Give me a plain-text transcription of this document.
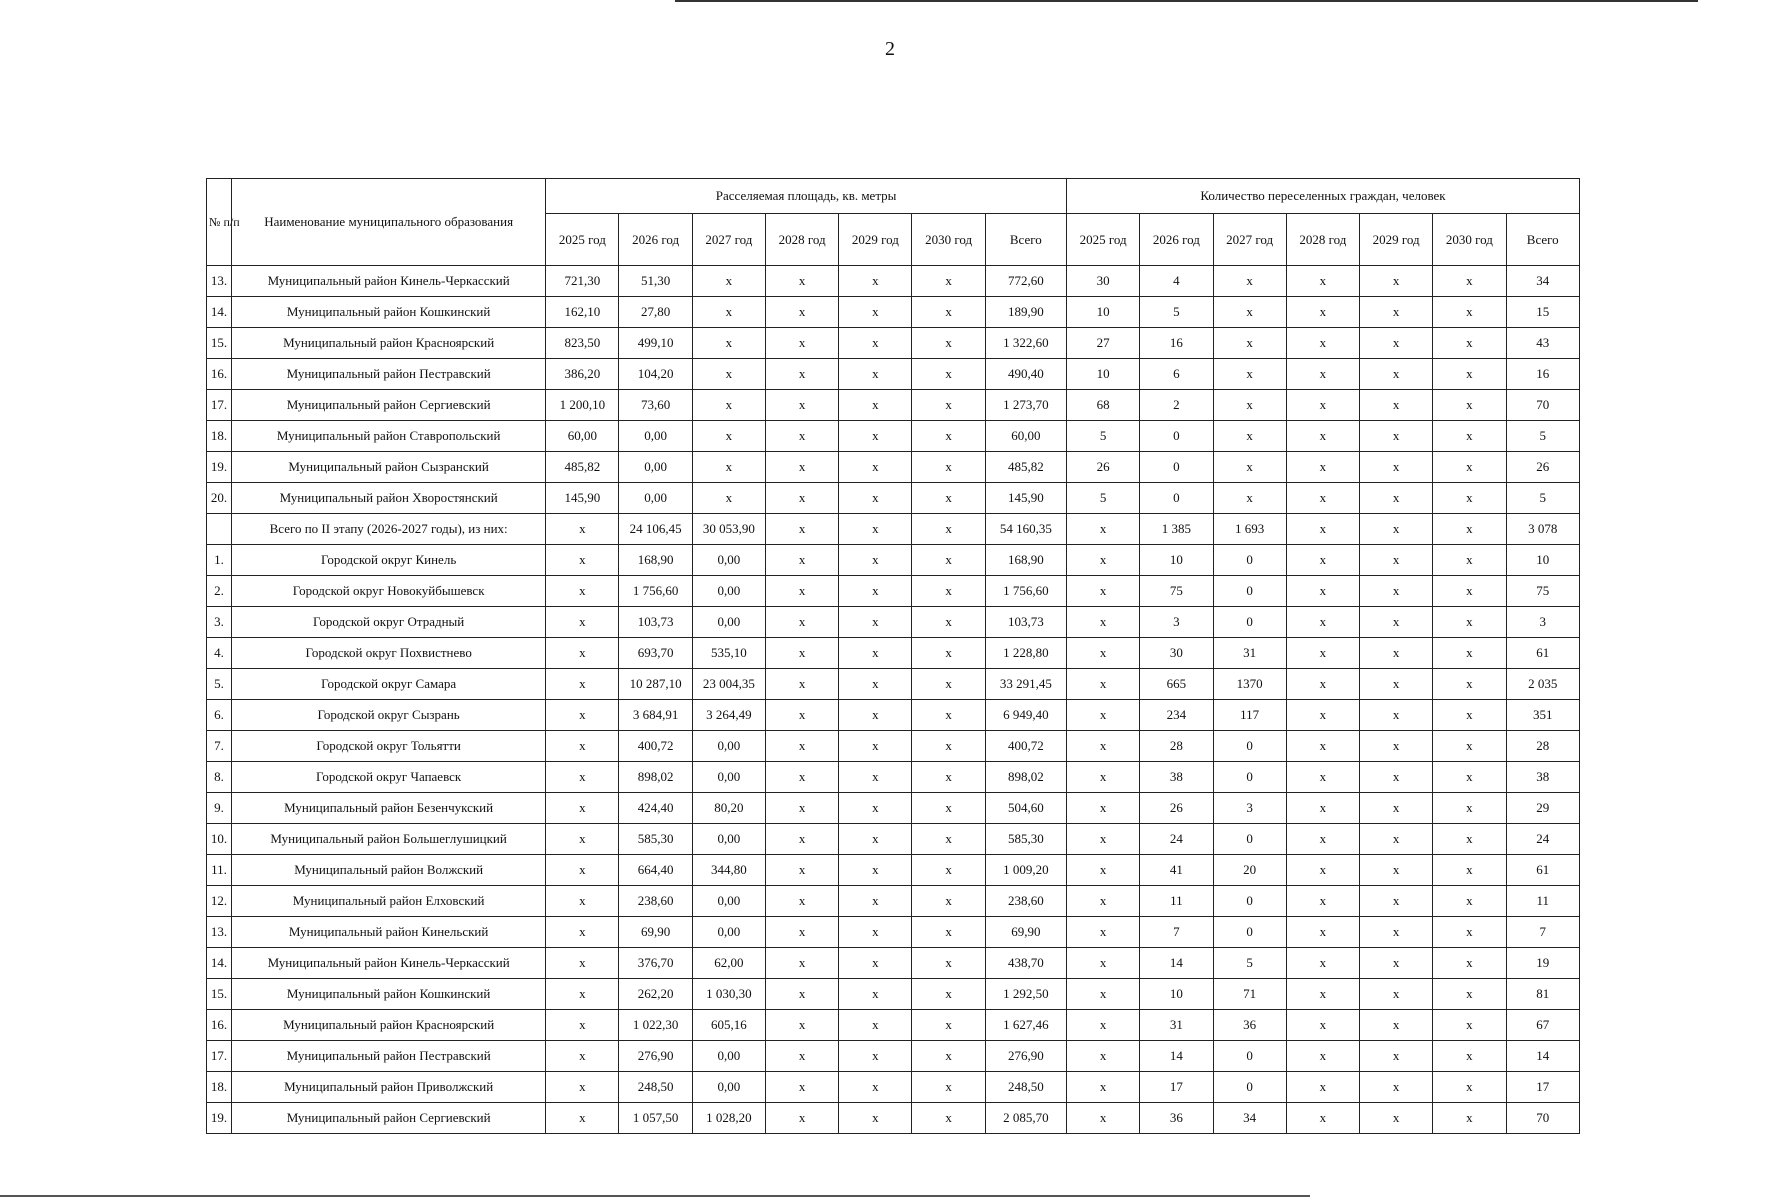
2
№ п/п	Наименование муниципального образования	Расселяемая площадь, кв. метры							Количество переселенных граждан, человек						
		2025 год	2026 год	2027 год	2028 год	2029 год	2030 год	Всего	2025 год	2026 год	2027 год	2028 год	2029 год	2030 год	Всего
13.	Муниципальный район Кинель-Черкасский	721,30	51,30	x	x	x	x	772,60	30	4	x	x	x	x	34
14.	Муниципальный район Кошкинский	162,10	27,80	x	x	x	x	189,90	10	5	x	x	x	x	15
15.	Муниципальный район Красноярский	823,50	499,10	x	x	x	x	1 322,60	27	16	x	x	x	x	43
16.	Муниципальный район Пестравский	386,20	104,20	x	x	x	x	490,40	10	6	x	x	x	x	16
17.	Муниципальный район Сергиевский	1 200,10	73,60	x	x	x	x	1 273,70	68	2	x	x	x	x	70
18.	Муниципальный район Ставропольский	60,00	0,00	x	x	x	x	60,00	5	0	x	x	x	x	5
19.	Муниципальный район Сызранский	485,82	0,00	x	x	x	x	485,82	26	0	x	x	x	x	26
20.	Муниципальный район Хворостянский	145,90	0,00	x	x	x	x	145,90	5	0	x	x	x	x	5
	Всего по II этапу (2026-2027 годы), из них:	x	24 106,45	30 053,90	x	x	x	54 160,35	x	1 385	1 693	x	x	x	3 078
1.	Городской округ Кинель	x	168,90	0,00	x	x	x	168,90	x	10	0	x	x	x	10
2.	Городской округ Новокуйбышевск	x	1 756,60	0,00	x	x	x	1 756,60	x	75	0	x	x	x	75
3.	Городской округ Отрадный	x	103,73	0,00	x	x	x	103,73	x	3	0	x	x	x	3
4.	Городской округ Похвистнево	x	693,70	535,10	x	x	x	1 228,80	x	30	31	x	x	x	61
5.	Городской округ Самара	x	10 287,10	23 004,35	x	x	x	33 291,45	x	665	1370	x	x	x	2 035
6.	Городской округ Сызрань	x	3 684,91	3 264,49	x	x	x	6 949,40	x	234	117	x	x	x	351
7.	Городской округ Тольятти	x	400,72	0,00	x	x	x	400,72	x	28	0	x	x	x	28
8.	Городской округ Чапаевск	x	898,02	0,00	x	x	x	898,02	x	38	0	x	x	x	38
9.	Муниципальный район Безенчукский	x	424,40	80,20	x	x	x	504,60	x	26	3	x	x	x	29
10.	Муниципальный район Большеглушицкий	x	585,30	0,00	x	x	x	585,30	x	24	0	x	x	x	24
11.	Муниципальный район Волжский	x	664,40	344,80	x	x	x	1 009,20	x	41	20	x	x	x	61
12.	Муниципальный район Елховский	x	238,60	0,00	x	x	x	238,60	x	11	0	x	x	x	11
13.	Муниципальный район Кинельский	x	69,90	0,00	x	x	x	69,90	x	7	0	x	x	x	7
14.	Муниципальный район Кинель-Черкасский	x	376,70	62,00	x	x	x	438,70	x	14	5	x	x	x	19
15.	Муниципальный район Кошкинский	x	262,20	1 030,30	x	x	x	1 292,50	x	10	71	x	x	x	81
16.	Муниципальный район Красноярский	x	1 022,30	605,16	x	x	x	1 627,46	x	31	36	x	x	x	67
17.	Муниципальный район Пестравский	x	276,90	0,00	x	x	x	276,90	x	14	0	x	x	x	14
18.	Муниципальный район Приволжский	x	248,50	0,00	x	x	x	248,50	x	17	0	x	x	x	17
19.	Муниципальный район Сергиевский	x	1 057,50	1 028,20	x	x	x	2 085,70	x	36	34	x	x	x	70
